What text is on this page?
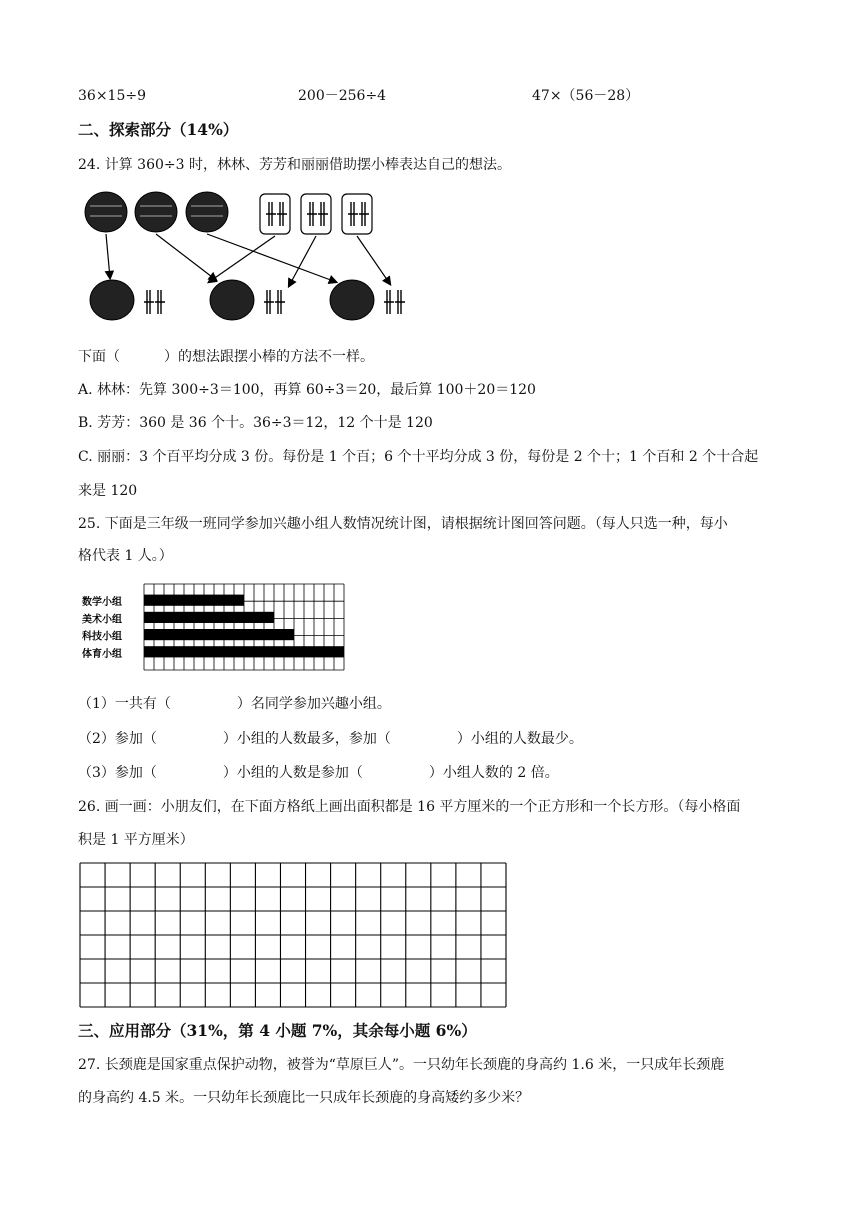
36×15÷9	200－256÷4	47×（56－28）
二、探索部分（14%）
24. 计算 360÷3 时，林林、芳芳和丽丽借助摆小棒表达自己的想法。
下面（	）的想法跟摆小棒的方法不一样。
A. 林林：先算 300÷3＝100，再算 60÷3＝20，最后算 100＋20＝120
B. 芳芳：360 是 36 个十。36÷3＝12，12 个十是 120
C. 丽丽：3 个百平均分成 3 份。每份是 1 个百；6 个十平均分成 3 份，每份是 2 个十；1 个百和 2 个十合起
来是 120
25. 下面是三年级一班同学参加兴趣小组人数情况统计图，请根据统计图回答问题。（每人只选一种，每小
格代表 1 人。）
数学小组
美术小组
科技小组
体育小组
（1）一共有（	）名同学参加兴趣小组。
（2）参加（	）小组的人数最多，参加（	）小组的人数最少。
（3）参加（	）小组的人数是参加（	）小组人数的 2 倍。
26. 画一画：小朋友们，在下面方格纸上画出面积都是 16 平方厘米的一个正方形和一个长方形。（每小格面
积是 1 平方厘米）
三、应用部分（31%，第 4 小题 7%，其余每小题 6%）
27. 长颈鹿是国家重点保护动物，被誉为“草原巨人”。一只幼年长颈鹿的身高约 1.6 米，一只成年长颈鹿
的身高约 4.5 米。一只幼年长颈鹿比一只成年长颈鹿的身高矮约多少米？
